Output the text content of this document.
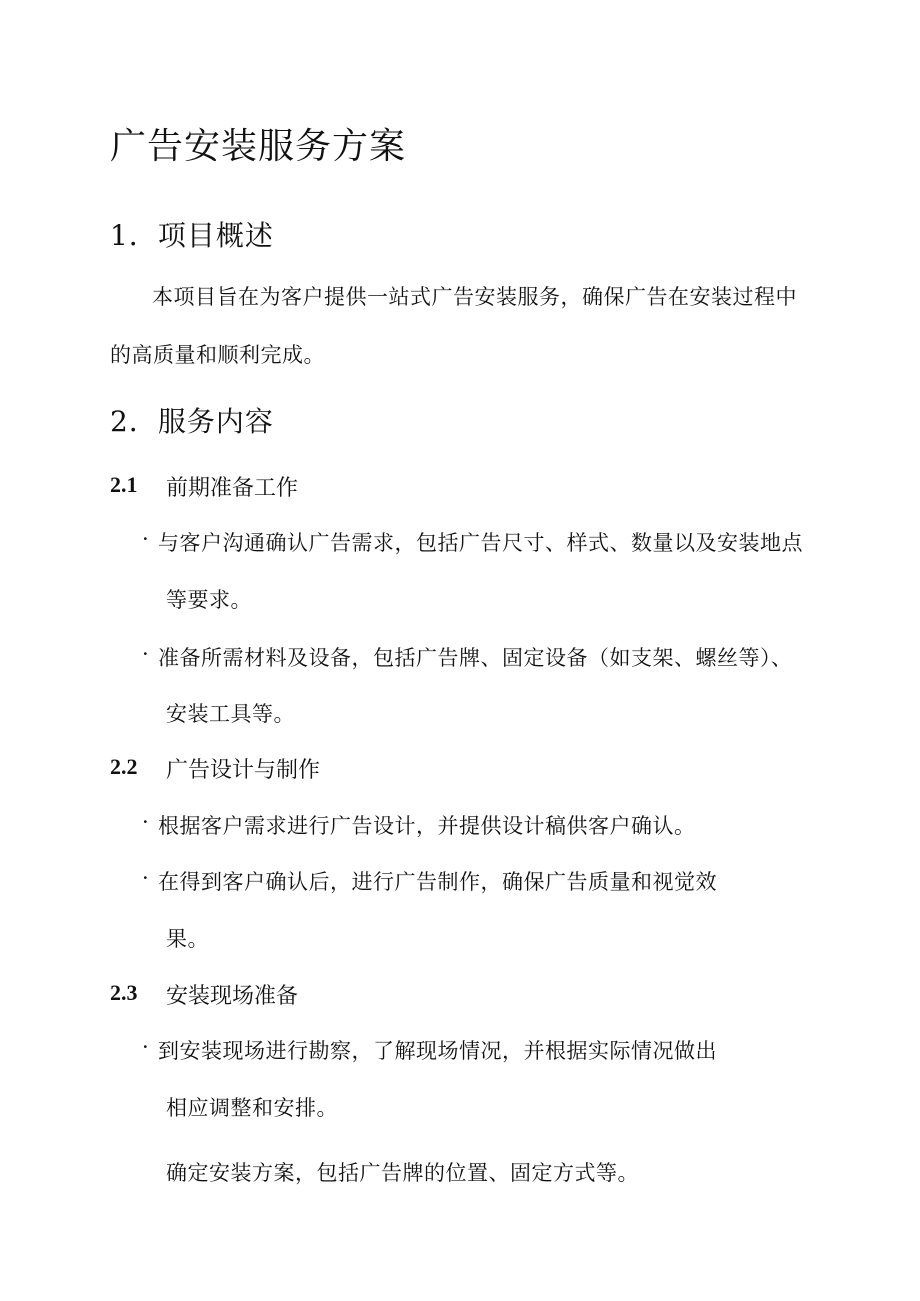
广告安装服务方案
1．项目概述
本项目旨在为客户提供一站式广告安装服务，确保广告在安装过程中
的高质量和顺利完成。
2．服务内容
2.1 前期准备工作
· 与客户沟通确认广告需求，包括广告尺寸、样式、数量以及安装地点
等要求。
· 准备所需材料及设备，包括广告牌、固定设备（如支架、螺丝等）、
安装工具等。
2.2 广告设计与制作
· 根据客户需求进行广告设计，并提供设计稿供客户确认。
· 在得到客户确认后，进行广告制作，确保广告质量和视觉效
果。
2.3 安装现场准备
· 到安装现场进行勘察，了解现场情况，并根据实际情况做出
相应调整和安排。
确定安装方案，包括广告牌的位置、固定方式等。
